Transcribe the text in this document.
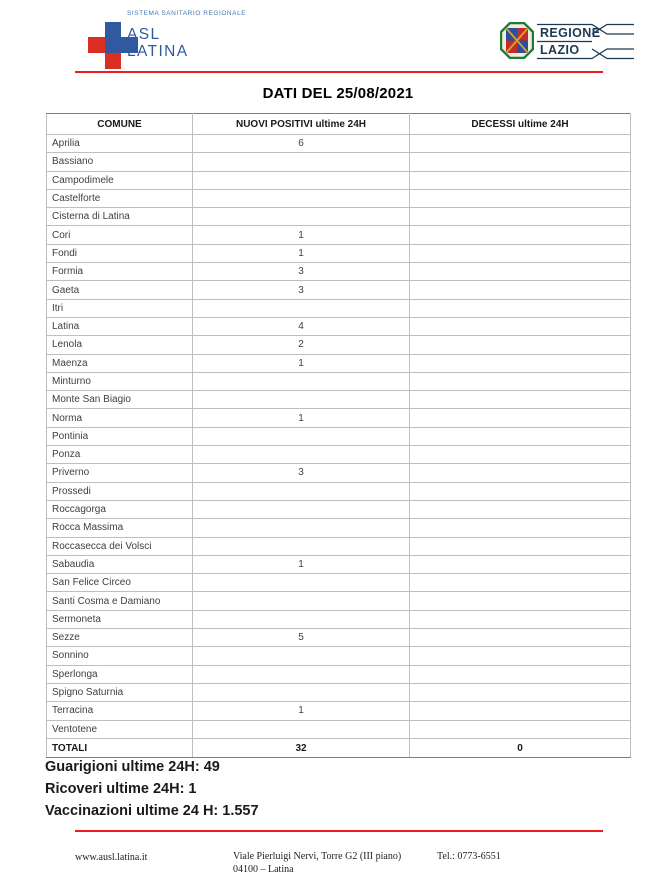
SISTEMA SANITARIO REGIONALE
ASL
LATINA
REGIONE
LAZIO
DATI DEL 25/08/2021
COMUNE	NUOVI POSITIVI ultime 24H	DECESSI ultime 24H
Aprilia	6	
Bassiano		
Campodimele		
Castelforte		
Cisterna di Latina		
Cori	1	
Fondi	1	
Formia	3	
Gaeta	3	
Itri		
Latina	4	
Lenola	2	
Maenza	1	
Minturno		
Monte San Biagio		
Norma	1	
Pontinia		
Ponza		
Priverno	3	
Prossedi		
Roccagorga		
Rocca Massima		
Roccasecca dei Volsci		
Sabaudia	1	
San Felice Circeo		
Santi Cosma e Damiano		
Sermoneta		
Sezze	5	
Sonnino		
Sperlonga		
Spigno Saturnia		
Terracina	1	
Ventotene		
TOTALI	32	0
Guarigioni ultime 24H: 49
Ricoveri ultime 24H: 1
Vaccinazioni ultime 24 H: 1.557
www.ausl.latina.it	Viale Pierluigi Nervi, Torre G2 (III piano)
04100 – Latina
Tel.: 0773-6551
